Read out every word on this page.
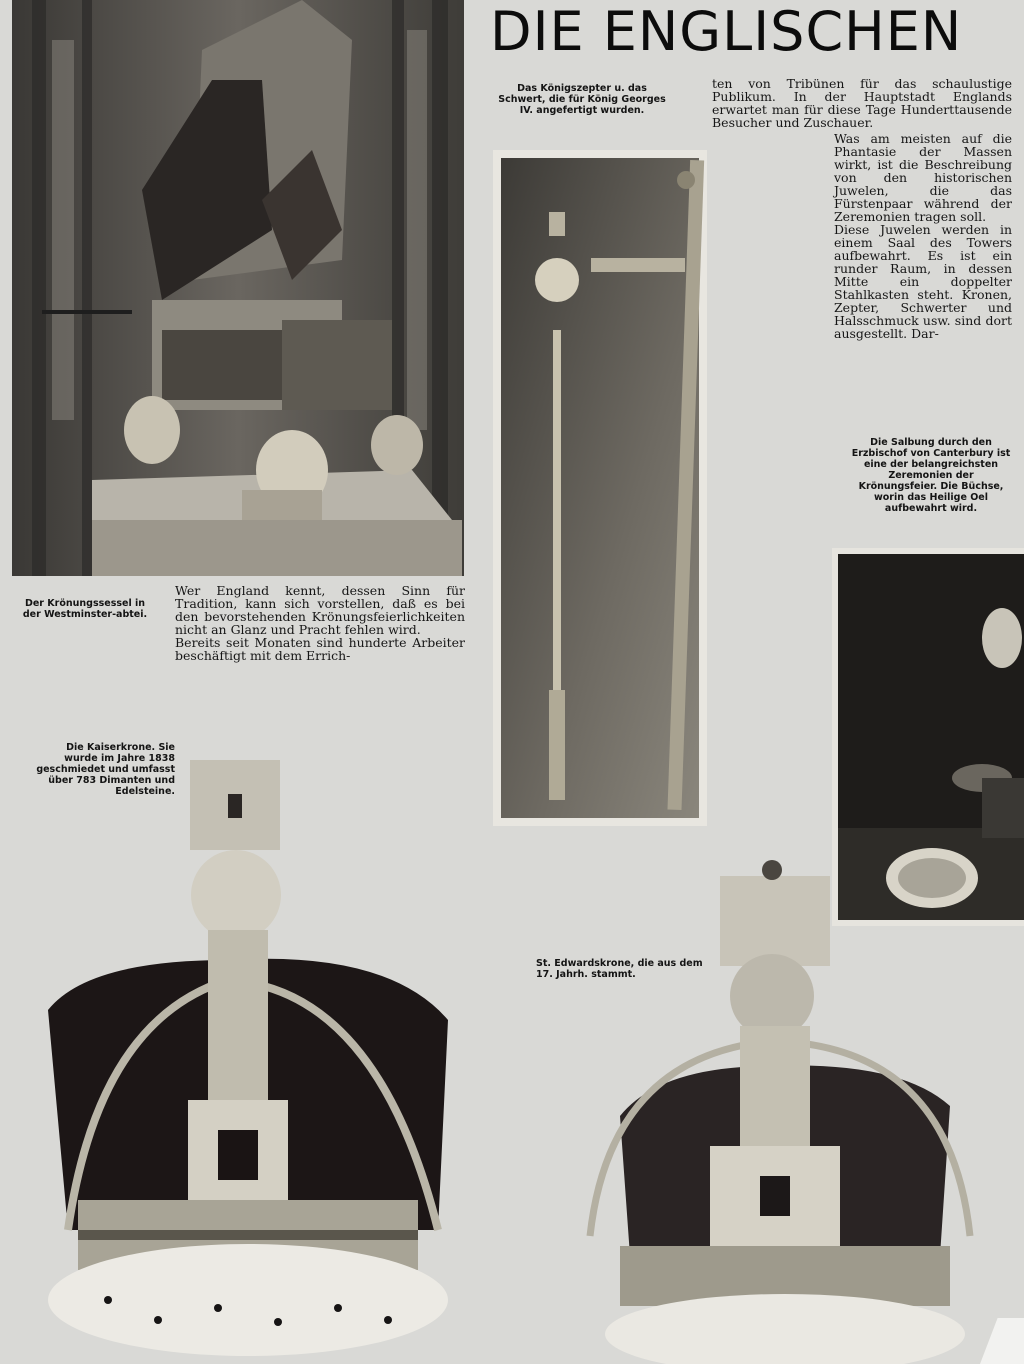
DIE ENGLISCHEN
Der Krönungssessel in der Westminster-abtei.

Wer England kennt, dessen Sinn für Tradition, kann sich vorstellen, daß es bei den bevorstehenden Krönungsfeierlichkeiten nicht an Glanz und Pracht fehlen wird.

Bereits seit Monaten sind hunderte Arbeiter beschäftigt mit dem Errich-

Das Königszepter u. das Schwert, die für König Georges IV. angefertigt wurden.
ten von Tribünen für das schaulustige Publikum. In der Hauptstadt Englands erwartet man für diese Tage Hunderttausende Besucher und Zuschauer.

Was am meisten auf die Phantasie der Massen wirkt, ist die Beschreibung von den historischen Juwelen, die das Fürstenpaar während der Zeremonien tragen soll.

Diese Juwelen werden in einem Saal des Towers aufbewahrt. Es ist ein runder Raum, in dessen Mitte ein doppelter Stahlkasten steht. Kronen, Zepter, Schwerter und Halsschmuck usw. sind dort ausgestellt. Dar-

Die Salbung durch den Erzbischof von Canterbury ist eine der belangreichsten Zeremonien der Krönungsfeier. Die Büchse, worin das Heilige Oel aufbewahrt wird.
Die Kaiserkrone. Sie wurde im Jahre 1838 geschmiedet und umfasst über 783 Dimanten und Edelsteine.
St. Edwardskrone, die aus dem 17. Jahrh. stammt.
